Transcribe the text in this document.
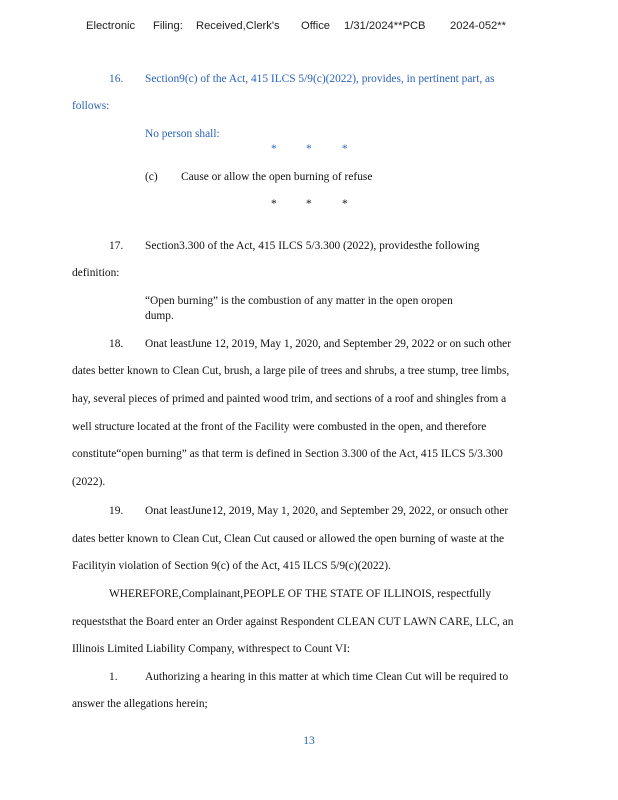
Electronic Filing: Received,Clerk's Office 1/31/2024**PCB 2024-052**
16. Section9(c) of the Act, 415 ILCS 5/9(c)(2022), provides, in pertinent part, as
follows:
No person shall:
*	*	*
(c) Cause or allow the open burning of refuse
*	*	*
17. Section3.300 of the Act, 415 ILCS 5/3.300 (2022), providesthe following
definition:
“Open burning” is the combustion of any matter in the open oropen
dump.
18. Onat leastJune 12, 2019, May 1, 2020, and September 29, 2022 or on such other
dates better known to Clean Cut, brush, a large pile of trees and shrubs, a tree stump, tree limbs,
hay, several pieces of primed and painted wood trim, and sections of a roof and shingles from a
well structure located at the front of the Facility were combusted in the open, and therefore
constitute“open burning” as that term is defined in Section 3.300 of the Act, 415 ILCS 5/3.300
(2022).
19. Onat leastJune12, 2019, May 1, 2020, and September 29, 2022, or onsuch other
dates better known to Clean Cut, Clean Cut caused or allowed the open burning of waste at the
Facilityin violation of Section 9(c) of the Act, 415 ILCS 5/9(c)(2022).
WHEREFORE,Complainant,PEOPLE OF THE STATE OF ILLINOIS, respectfully
requeststhat the Board enter an Order against Respondent CLEAN CUT LAWN CARE, LLC, an
Illinois Limited Liability Company, withrespect to Count VI:
1. Authorizing a hearing in this matter at which time Clean Cut will be required to
answer the allegations herein;
13
